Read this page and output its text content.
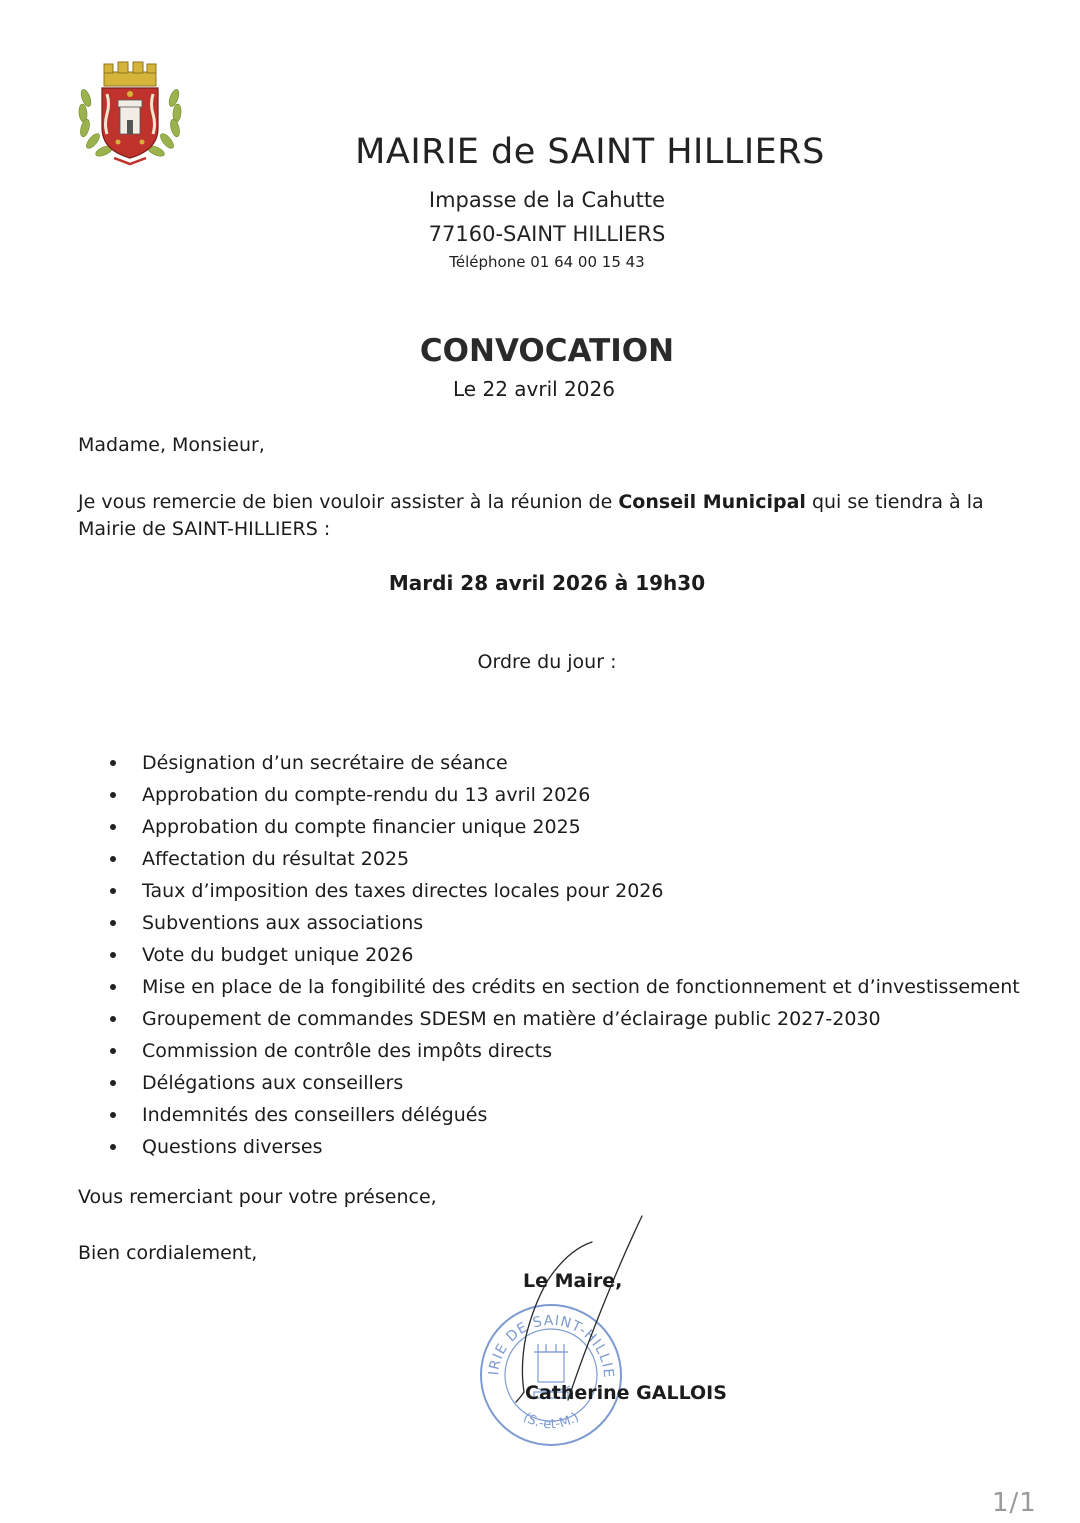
MAIRIE de SAINT HILLIERS
Impasse de la Cahutte
77160-SAINT HILLIERS
Téléphone 01 64 00 15 43
CONVOCATION
Le 22 avril 2026
Madame, Monsieur,
Je vous remercie de bien vouloir assister à la réunion de Conseil Municipal qui se tiendra à la Mairie de SAINT-HILLIERS :
Mardi 28 avril 2026 à 19h30
Ordre du jour :
Désignation d’un secrétaire de séance
Approbation du compte-rendu du 13 avril 2026
Approbation du compte financier unique 2025
Affectation du résultat 2025
Taux d’imposition des taxes directes locales pour 2026
Subventions aux associations
Vote du budget unique 2026
Mise en place de la fongibilité des crédits en section de fonctionnement et d’investissement
Groupement de commandes SDESM en matière d’éclairage public 2027-2030
Commission de contrôle des impôts directs
Délégations aux conseillers
Indemnités des conseillers délégués
Questions diverses
Vous remerciant pour votre présence,
Bien cordialement,
IRIE DE SAINT-HILLIE
(S.-et-M.)
Le Maire,
Catherine GALLOIS
1/1
